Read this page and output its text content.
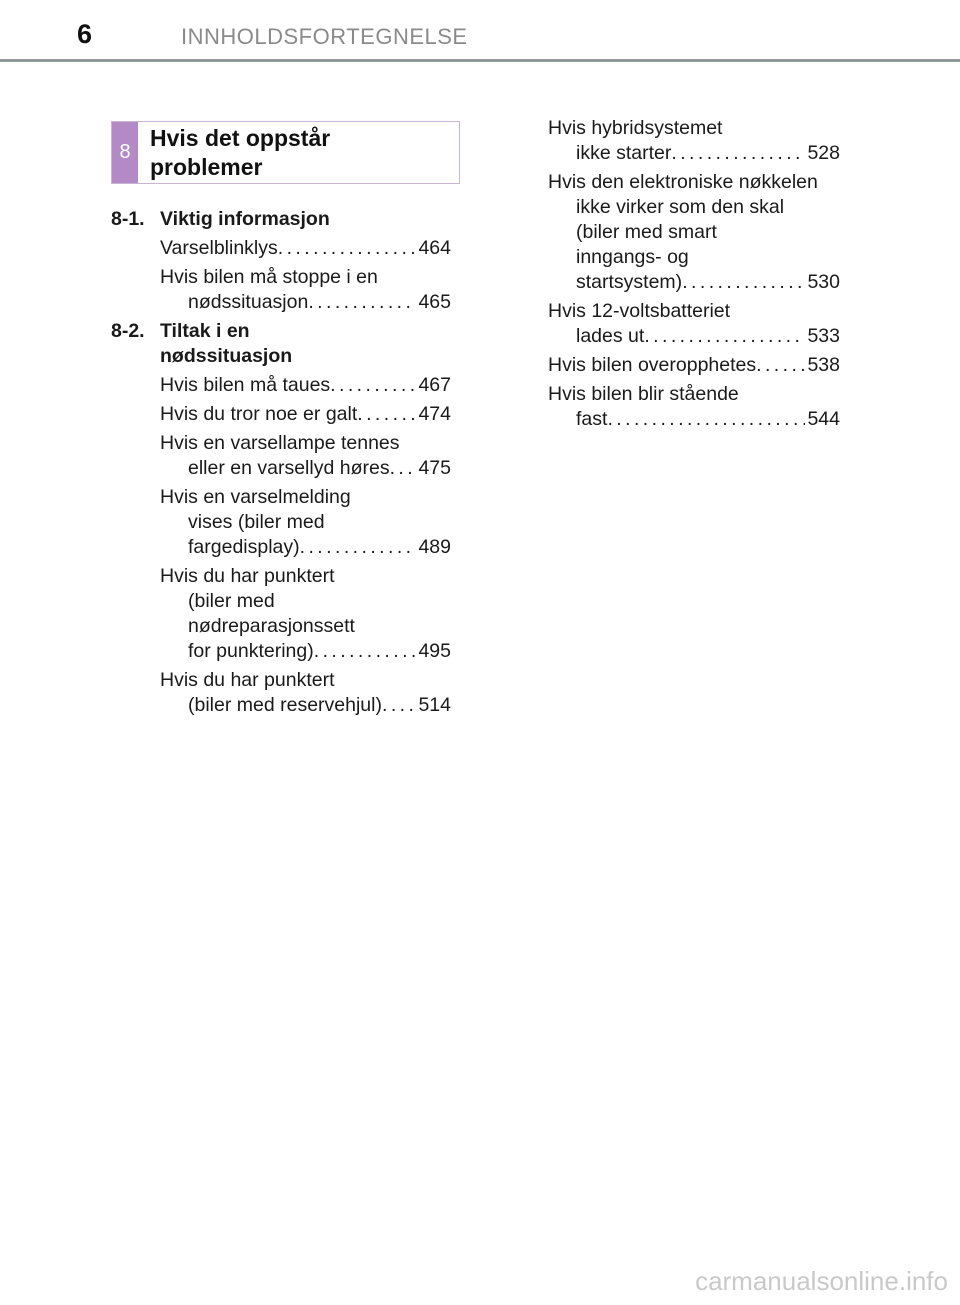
6	INNHOLDSFORTEGNELSE
8
Hvis det oppstår
problemer
8-1. Viktig informasjon
Varselblinklys . . .	464
Hvis bilen må stoppe i en
nødssituasjon . . .	465
8-2. Tiltak i en
nødssituasjon
Hvis bilen må taues . . .	467
Hvis du tror noe er galt . . .	474
Hvis en varsellampe tennes
eller en varsellyd høres . . . 475
Hvis en varselmelding
vises (biler med
fargedisplay) . . .	489
Hvis du har punktert
(biler med
nødreparasjonssett
for punktering) . . .	495
Hvis du har punktert
(biler med reservehjul) . . . 514
Hvis hybridsystemet
ikke starter . . .	528
Hvis den elektroniske nøkkelen
ikke virker som den skal
(biler med smart
inngangs- og
startsystem) . . .	530
Hvis 12-voltsbatteriet
lades ut . . .	533
Hvis bilen overopphetes . . .	538
Hvis bilen blir stående
fast . . .	544
carmanualsonline.info
